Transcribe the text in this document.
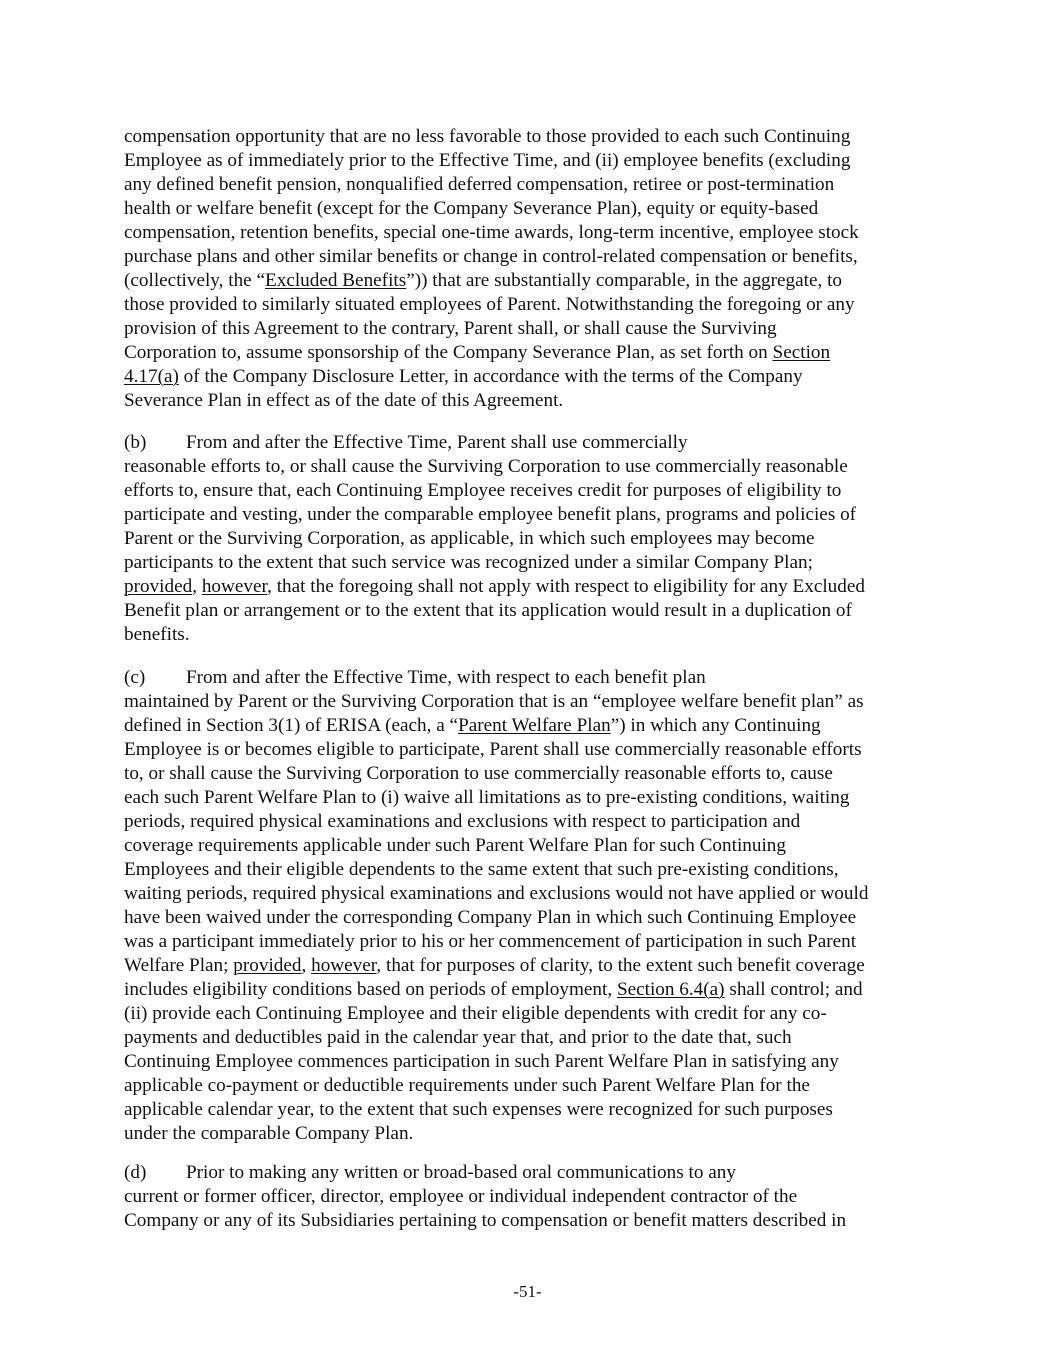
compensation opportunity that are no less favorable to those provided to each such Continuing
Employee as of immediately prior to the Effective Time, and (ii) employee benefits (excluding
any defined benefit pension, nonqualified deferred compensation, retiree or post-termination
health or welfare benefit (except for the Company Severance Plan), equity or equity-based
compensation, retention benefits, special one-time awards, long-term incentive, employee stock
purchase plans and other similar benefits or change in control-related compensation or benefits,
(collectively, the “Excluded Benefits”)) that are substantially comparable, in the aggregate, to
those provided to similarly situated employees of Parent. Notwithstanding the foregoing or any
provision of this Agreement to the contrary, Parent shall, or shall cause the Surviving
Corporation to, assume sponsorship of the Company Severance Plan, as set forth on Section
4.17(a) of the Company Disclosure Letter, in accordance with the terms of the Company
Severance Plan in effect as of the date of this Agreement.
(b) From and after the Effective Time, Parent shall use commercially
reasonable efforts to, or shall cause the Surviving Corporation to use commercially reasonable
efforts to, ensure that, each Continuing Employee receives credit for purposes of eligibility to
participate and vesting, under the comparable employee benefit plans, programs and policies of
Parent or the Surviving Corporation, as applicable, in which such employees may become
participants to the extent that such service was recognized under a similar Company Plan;
provided, however, that the foregoing shall not apply with respect to eligibility for any Excluded
Benefit plan or arrangement or to the extent that its application would result in a duplication of
benefits.
(c) From and after the Effective Time, with respect to each benefit plan
maintained by Parent or the Surviving Corporation that is an “employee welfare benefit plan” as
defined in Section 3(1) of ERISA (each, a “Parent Welfare Plan”) in which any Continuing
Employee is or becomes eligible to participate, Parent shall use commercially reasonable efforts
to, or shall cause the Surviving Corporation to use commercially reasonable efforts to, cause
each such Parent Welfare Plan to (i) waive all limitations as to pre-existing conditions, waiting
periods, required physical examinations and exclusions with respect to participation and
coverage requirements applicable under such Parent Welfare Plan for such Continuing
Employees and their eligible dependents to the same extent that such pre-existing conditions,
waiting periods, required physical examinations and exclusions would not have applied or would
have been waived under the corresponding Company Plan in which such Continuing Employee
was a participant immediately prior to his or her commencement of participation in such Parent
Welfare Plan; provided, however, that for purposes of clarity, to the extent such benefit coverage
includes eligibility conditions based on periods of employment, Section 6.4(a) shall control; and
(ii) provide each Continuing Employee and their eligible dependents with credit for any co-
payments and deductibles paid in the calendar year that, and prior to the date that, such
Continuing Employee commences participation in such Parent Welfare Plan in satisfying any
applicable co-payment or deductible requirements under such Parent Welfare Plan for the
applicable calendar year, to the extent that such expenses were recognized for such purposes
under the comparable Company Plan.
(d) Prior to making any written or broad-based oral communications to any
current or former officer, director, employee or individual independent contractor of the
Company or any of its Subsidiaries pertaining to compensation or benefit matters described in
-51-
